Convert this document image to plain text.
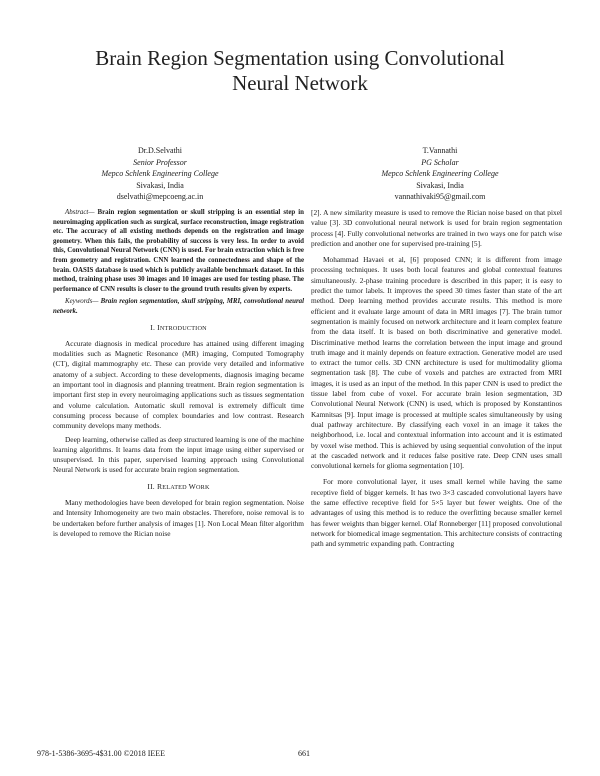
Brain Region Segmentation using Convolutional
Neural Network
Dr.D.Selvathi
Senior Professor
Mepco Schlenk Engineering College
Sivakasi, India
dselvathi@mepcoeng.ac.in
T.Vannathi
PG Scholar
Mepco Schlenk Engineering College
Sivakasi, India
vannathivaki95@gmail.com

Abstract— Brain region segmentation or skull stripping is an essential step in neuroimaging application such as surgical, surface reconstruction, image registration etc. The accuracy of all existing methods depends on the registration and image geometry. When this fails, the probability of success is very less. In order to avoid this, Convolutional Neural Network (CNN) is used. For brain extraction which is free from geometry and registration. CNN learned the connectedness and shape of the brain. OASIS database is used which is publicly available benchmark dataset. In this method, training phase uses 30 images and 10 images are used for testing phase. The performance of CNN results is closer to the ground truth results given by experts.

Keywords— Brain region segmentation, skull stripping, MRI, convolutional neural network.

I. INTRODUCTION

Accurate diagnosis in medical procedure has attained using different imaging modalities such as Magnetic Resonance (MR) imaging, Computed Tomography (CT), digital mammography etc. These can provide very detailed and informative anatomy of a subject. According to these developments, diagnosis imaging became an important tool in diagnosis and planning treatment. Brain region segmentation is important first step in every neuroimaging applications such as tissues segmentation and volume calculation. Automatic skull removal is extremely difficult time consuming process because of complex boundaries and low contrast. Research community develops many methods.

Deep learning, otherwise called as deep structured learning is one of the machine learning algorithms. It learns data from the input image using either supervised or unsupervised. In this paper, supervised learning approach using Convolutional Neural Network is used for accurate brain region segmentation.

II. RELATED WORK

Many methodologies have been developed for brain region segmentation. Noise and Intensity Inhomogeneity are two main obstacles. Therefore, noise removal is to be undertaken before further analysis of images [1]. Non Local Mean filter algorithm is developed to remove the Rician noise

[2]. A new similarity measure is used to remove the Rician noise based on that pixel value [3]. 3D convolutional neural network is used for brain region segmentation process [4]. Fully convolutional networks are trained in two ways one for patch wise prediction and another one for supervised pre-training [5].

Mohammad Havaei et al, [6] proposed CNN; it is different from image processing techniques. It uses both local features and global contextual features simultaneously. 2-phase training procedure is described in this paper; it is easy to predict the tumor labels. It improves the speed 30 times faster than state of the art method. Deep learning method provides accurate results. This method is more efficient and it evaluate large amount of data in MRI images [7]. The brain tumor segmentation is mainly focused on network architecture and it learn complex feature from the data itself. It is based on both discriminative and generative model. Discriminative method learns the correlation between the input image and ground truth image and it mainly depends on feature extraction. Generative model are used to extract the tumor cells. 3D CNN architecture is used for multimodality glioma segmentation task [8]. The cube of voxels and patches are extracted from MRI images, it is used as an input of the method. In this paper CNN is used to predict the tissue label from cube of voxel. For accurate brain lesion segmentation, 3D Convolutional Neural Network (CNN) is used, which is proposed by Konstantinos Kamnitsas [9]. Input image is processed at multiple scales simultaneously by using dual pathway architecture. By classifying each voxel in an image it takes the neighborhood, i.e. local and contextual information into account and it is estimated by voxel wise method. This is achieved by using sequential convolution of the input at the cascaded network and it reduces false positive rate. Deep CNN uses small convolutional kernels for glioma segmentation [10].

For more convolutional layer, it uses small kernel while having the same receptive field of bigger kernels. It has two 3×3 cascaded convolutional layers have the same effective receptive field for 5×5 layer but fewer weights. One of the advantages of using this method is to reduce the overfitting because smaller kernel has fewer weights than bigger kernel. Olaf Ronneberger [11] proposed convolutional network for biomedical image segmentation. This architecture consists of contracting path and symmetric expanding path. Contracting

978-1-5386-3695-4$31.00 ©2018 IEEE	661
